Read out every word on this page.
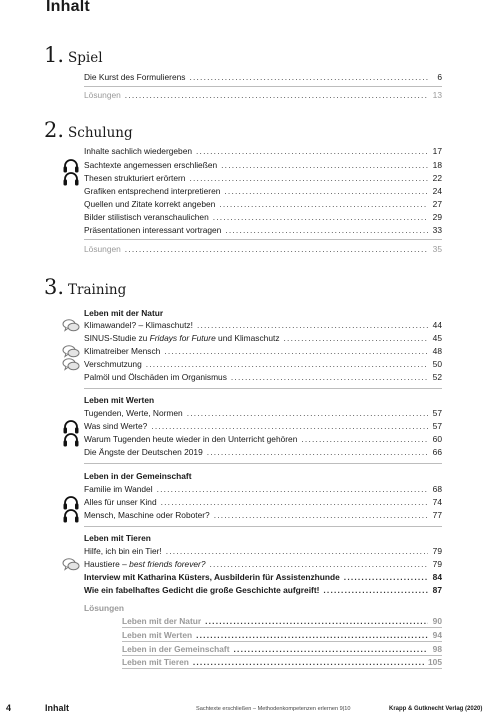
Inhalt
1. Spiel
Die Kurst des Formulierens .....	6
Lösungen .....	13
2. Schulung
Inhalte sachlich wiedergeben .....	17
Sachtexte angemessen erschließen .....	18
Thesen strukturiert erörtern .....	22
Grafiken entsprechend interpretieren .....	24
Quellen und Zitate korrekt angeben .....	27
Bilder stilistisch veranschaulichen .....	29
Präsentationen interessant vortragen .....	33
Lösungen .....	35
3. Training
Leben mit der Natur
Klimawandel? – Klimaschutz! .....	44
SINUS-Studie zu Fridays for Future und Klimaschutz .....	45
Klimatreiber Mensch .....	48
Verschmutzung .....	50
Palmöl und Ölschäden im Organismus .....	52
Leben mit Werten
Tugenden, Werte, Normen .....	57
Was sind Werte? .....	57
Warum Tugenden heute wieder in den Unterricht gehören .....	60
Die Ängste der Deutschen 2019 .....	66
Leben in der Gemeinschaft
Familie im Wandel .....	68
Alles für unser Kind .....	74
Mensch, Maschine oder Roboter? .....	77
Leben mit Tieren
Hilfe, ich bin ein Tier! .....	79
Haustiere – best friends forever? .....	79
Interview mit Katharina Küsters, Ausbilderin für Assistenzhunde .....	84
Wie ein fabelhaftes Gedicht die große Geschichte aufgreift! .....	87
Lösungen
Leben mit der Natur .....	90
Leben mit Werten .....	94
Leben in der Gemeinschaft .....	98
Leben mit Tieren .....	105
4	Inhalt	Sachtexte erschließen – Methodenkompetenzen erlernen 9|10	Krapp & Gutknecht Verlag (2020)
